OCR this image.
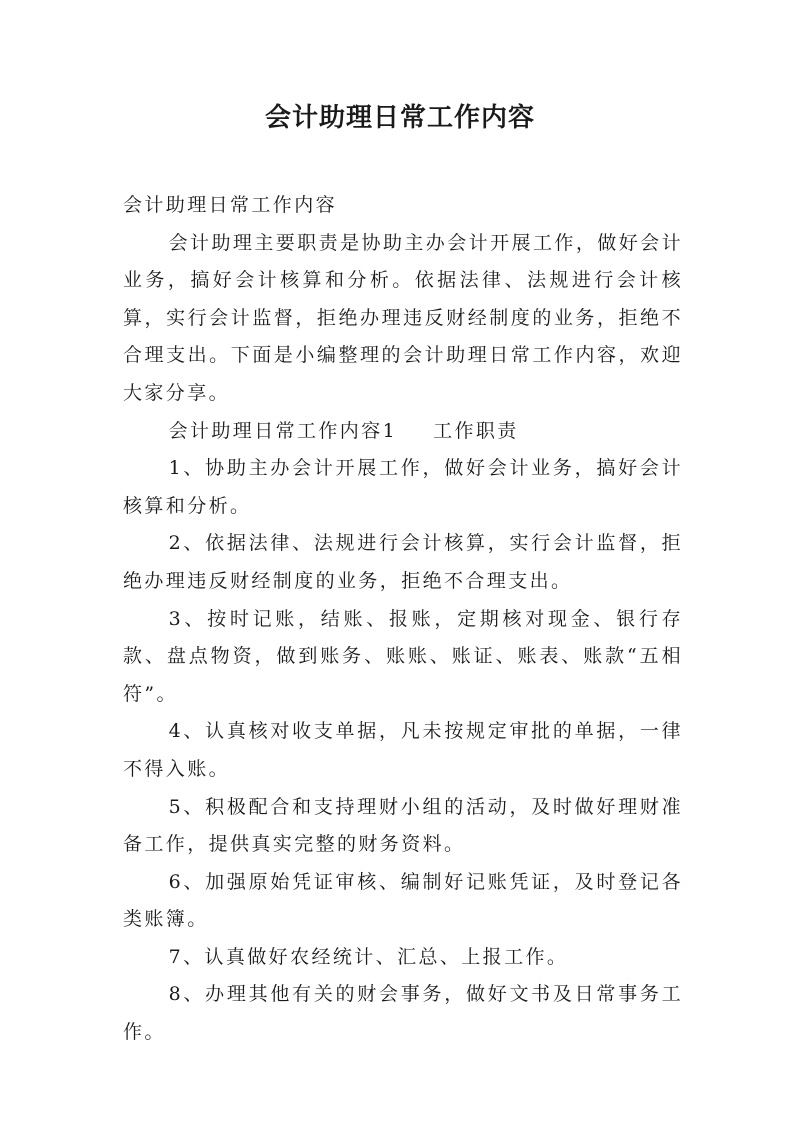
会计助理日常工作内容

会计助理日常工作内容

会计助理主要职责是协助主办会计开展工作，做好会计业务，搞好会计核算和分析。依据法律、法规进行会计核算，实行会计监督，拒绝办理违反财经制度的业务，拒绝不合理支出。下面是小编整理的会计助理日常工作内容，欢迎大家分享。

会计助理日常工作内容1 工作职责

1、协助主办会计开展工作，做好会计业务，搞好会计核算和分析。

2、依据法律、法规进行会计核算，实行会计监督，拒绝办理违反财经制度的业务，拒绝不合理支出。

3、按时记账，结账、报账，定期核对现金、银行存款、盘点物资，做到账务、账账、账证、账表、账款“五相符”。

4、认真核对收支单据，凡未按规定审批的单据，一律不得入账。

5、积极配合和支持理财小组的活动，及时做好理财准备工作，提供真实完整的财务资料。

6、加强原始凭证审核、编制好记账凭证，及时登记各类账簿。

7、认真做好农经统计、汇总、上报工作。

8、办理其他有关的财会事务，做好文书及日常事务工作。
